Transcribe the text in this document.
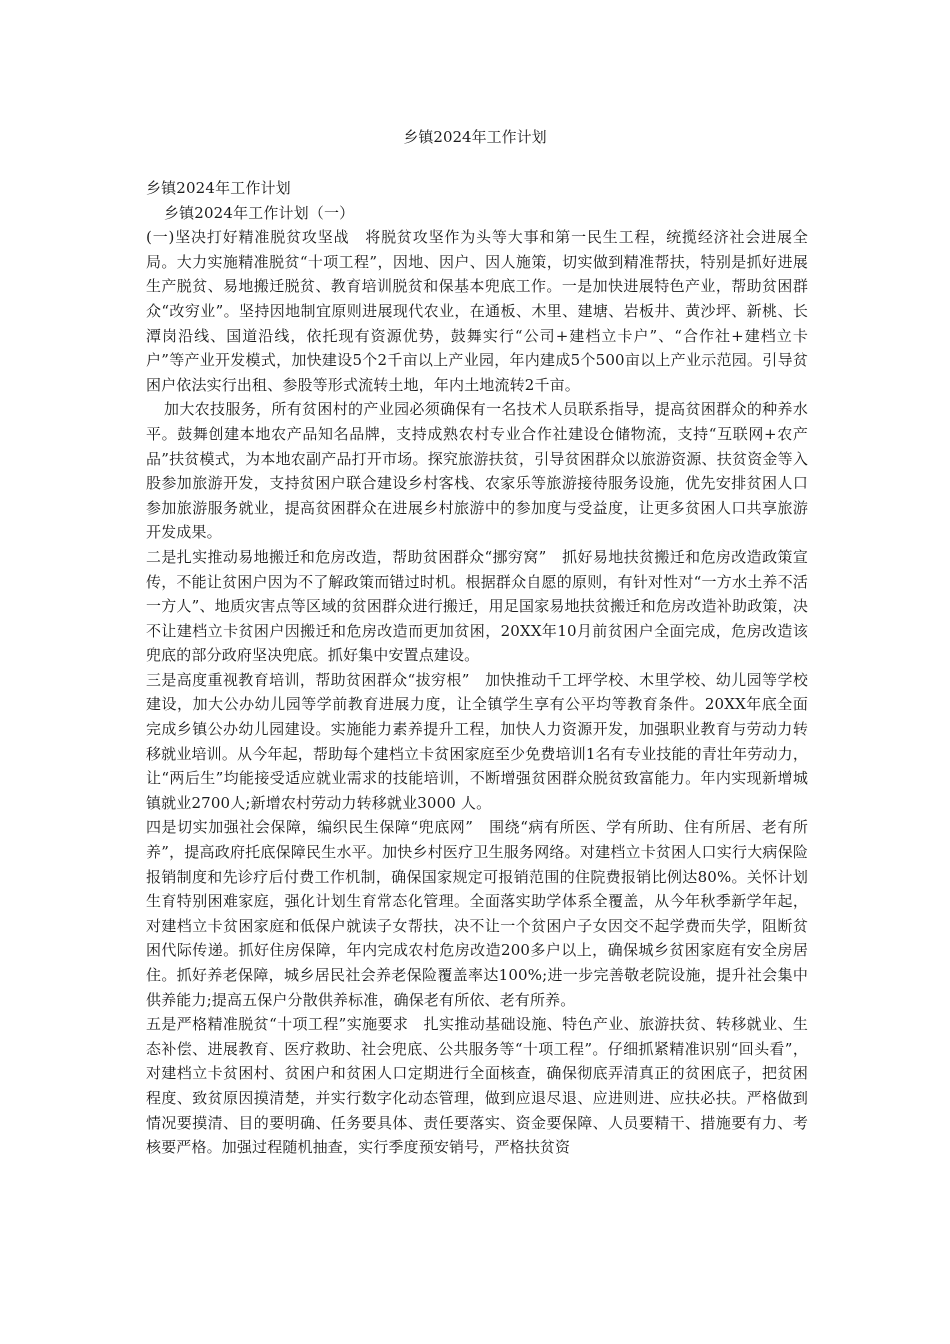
乡镇2024年工作计划

乡镇2024年工作计划

乡镇2024年工作计划（一）

(一)坚决打好精准脱贫攻坚战　将脱贫攻坚作为头等大事和第一民生工程，统揽经济社会进展全局。大力实施精准脱贫“十项工程”，因地、因户、因人施策，切实做到精准帮扶，特别是抓好进展生产脱贫、易地搬迁脱贫、教育培训脱贫和保基本兜底工作。一是加快进展特色产业，帮助贫困群众“改穷业”。坚持因地制宜原则进展现代农业，在通板、木里、建塘、岩板井、黄沙坪、新桃、长潭岗沿线、国道沿线，依托现有资源优势，鼓舞实行“公司+建档立卡户”、“合作社+建档立卡户”等产业开发模式，加快建设5个2千亩以上产业园，年内建成5个500亩以上产业示范园。引导贫困户依法实行出租、参股等形式流转土地，年内土地流转2千亩。

加大农技服务，所有贫困村的产业园必须确保有一名技术人员联系指导，提高贫困群众的种养水平。鼓舞创建本地农产品知名品牌，支持成熟农村专业合作社建设仓储物流，支持“互联网+农产品”扶贫模式，为本地农副产品打开市场。探究旅游扶贫，引导贫困群众以旅游资源、扶贫资金等入股参加旅游开发，支持贫困户联合建设乡村客栈、农家乐等旅游接待服务设施，优先安排贫困人口参加旅游服务就业，提高贫困群众在进展乡村旅游中的参加度与受益度，让更多贫困人口共享旅游开发成果。

二是扎实推动易地搬迁和危房改造，帮助贫困群众“挪穷窝”　抓好易地扶贫搬迁和危房改造政策宣传，不能让贫困户因为不了解政策而错过时机。根据群众自愿的原则，有针对性对“一方水土养不活一方人”、地质灾害点等区域的贫困群众进行搬迁，用足国家易地扶贫搬迁和危房改造补助政策，决不让建档立卡贫困户因搬迁和危房改造而更加贫困，20XX年10月前贫困户全面完成，危房改造该兜底的部分政府坚决兜底。抓好集中安置点建设。

三是高度重视教育培训，帮助贫困群众“拔穷根”　加快推动千工坪学校、木里学校、幼儿园等学校建设，加大公办幼儿园等学前教育进展力度，让全镇学生享有公平均等教育条件。20XX年底全面完成乡镇公办幼儿园建设。实施能力素养提升工程，加快人力资源开发，加强职业教育与劳动力转移就业培训。从今年起，帮助每个建档立卡贫困家庭至少免费培训1名有专业技能的青壮年劳动力，让“两后生”均能接受适应就业需求的技能培训，不断增强贫困群众脱贫致富能力。年内实现新增城镇就业2700人;新增农村劳动力转移就业3000 人。

四是切实加强社会保障，编织民生保障“兜底网”　围绕“病有所医、学有所助、住有所居、老有所养”，提高政府托底保障民生水平。加快乡村医疗卫生服务网络。对建档立卡贫困人口实行大病保险报销制度和先诊疗后付费工作机制，确保国家规定可报销范围的住院费报销比例达80%。关怀计划生育特别困难家庭，强化计划生育常态化管理。全面落实助学体系全覆盖，从今年秋季新学年起，对建档立卡贫困家庭和低保户就读子女帮扶，决不让一个贫困户子女因交不起学费而失学，阻断贫困代际传递。抓好住房保障，年内完成农村危房改造200多户以上，确保城乡贫困家庭有安全房居住。抓好养老保障，城乡居民社会养老保险覆盖率达100%;进一步完善敬老院设施，提升社会集中供养能力;提高五保户分散供养标准，确保老有所依、老有所养。

五是严格精准脱贫“十项工程”实施要求　扎实推动基础设施、特色产业、旅游扶贫、转移就业、生态补偿、进展教育、医疗救助、社会兜底、公共服务等“十项工程”。仔细抓紧精准识别“回头看”，对建档立卡贫困村、贫困户和贫困人口定期进行全面核查，确保彻底弄清真正的贫困底子，把贫困程度、致贫原因摸清楚，并实行数字化动态管理，做到应退尽退、应进则进、应扶必扶。严格做到情况要摸清、目的要明确、任务要具体、责任要落实、资金要保障、人员要精干、措施要有力、考核要严格。加强过程随机抽查，实行季度预安销号，严格扶贫资
